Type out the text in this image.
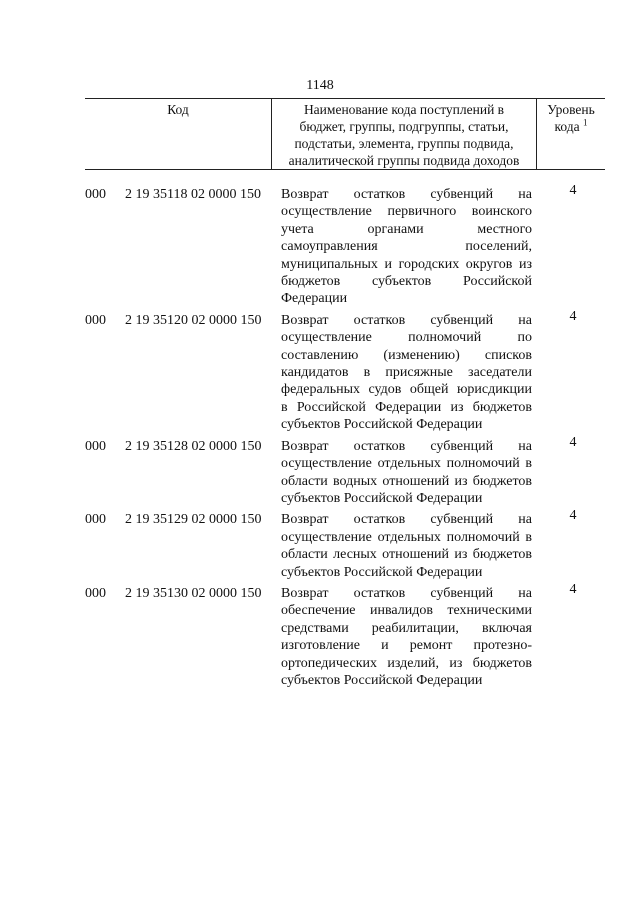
1148
Код	Наименование кода поступлений в
бюджет, группы, подгруппы, статьи,
подстатьи, элемента, группы подвида,
аналитической группы подвида доходов
Уровень
кода $^1$
000	2 19 35118 02 0000 150	Возврат остатков субвенций на
осуществление первичного воинского
учета органами местного
самоуправления поселений,
муниципальных и городских округов из
бюджетов субъектов Российской
Федерации
4
000	2 19 35120 02 0000 150	Возврат остатков субвенций на
осуществление полномочий по
составлению (изменению) списков
кандидатов в присяжные заседатели
федеральных судов общей юрисдикции
в Российской Федерации из бюджетов
субъектов Российской Федерации
4
000	2 19 35128 02 0000 150	Возврат остатков субвенций на
осуществление отдельных полномочий в
области водных отношений из бюджетов
субъектов Российской Федерации
4
000	2 19 35129 02 0000 150	Возврат остатков субвенций на
осуществление отдельных полномочий в
области лесных отношений из бюджетов
субъектов Российской Федерации
4
000	2 19 35130 02 0000 150	Возврат остатков субвенций на
обеспечение инвалидов техническими
средствами реабилитации, включая
изготовление и ремонт протезно-
ортопедических изделий, из бюджетов
субъектов Российской Федерации
4
